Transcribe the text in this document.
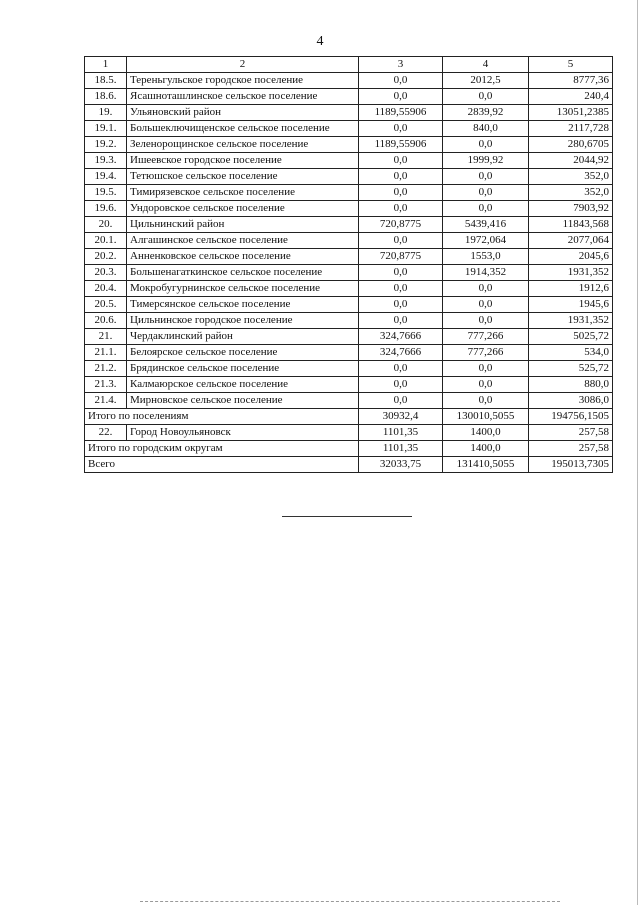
4
1	2	3	4	5
18.5.	Тереньгульское городское поселение	0,0	2012,5	8777,36
18.6.	Ясашноташлинское сельское поселение	0,0	0,0	240,4
19.	Ульяновский район	1189,55906	2839,92	13051,2385
19.1.	Большеключищенское сельское поселение	0,0	840,0	2117,728
19.2.	Зеленорощинское сельское поселение	1189,55906	0,0	280,6705
19.3.	Ишеевское городское поселение	0,0	1999,92	2044,92
19.4.	Тетюшское сельское поселение	0,0	0,0	352,0
19.5.	Тимирязевское сельское поселение	0,0	0,0	352,0
19.6.	Ундоровское сельское поселение	0,0	0,0	7903,92
20.	Цильнинский район	720,8775	5439,416	11843,568
20.1.	Алгашинское сельское поселение	0,0	1972,064	2077,064
20.2.	Анненковское сельское поселение	720,8775	1553,0	2045,6
20.3.	Большенагаткинское сельское поселение	0,0	1914,352	1931,352
20.4.	Мокробугурнинское сельское поселение	0,0	0,0	1912,6
20.5.	Тимерсянское сельское поселение	0,0	0,0	1945,6
20.6.	Цильнинское городское поселение	0,0	0,0	1931,352
21.	Чердаклинский район	324,7666	777,266	5025,72
21.1.	Белоярское сельское поселение	324,7666	777,266	534,0
21.2.	Брядинское сельское поселение	0,0	0,0	525,72
21.3.	Калмаюрское сельское поселение	0,0	0,0	880,0
21.4.	Мирновское сельское поселение	0,0	0,0	3086,0
Итого по поселениям		30932,4	130010,5055	194756,1505
22.	Город Новоульяновск	1101,35	1400,0	257,58
Итого по городским округам		1101,35	1400,0	257,58
Всего		32033,75	131410,5055	195013,7305
